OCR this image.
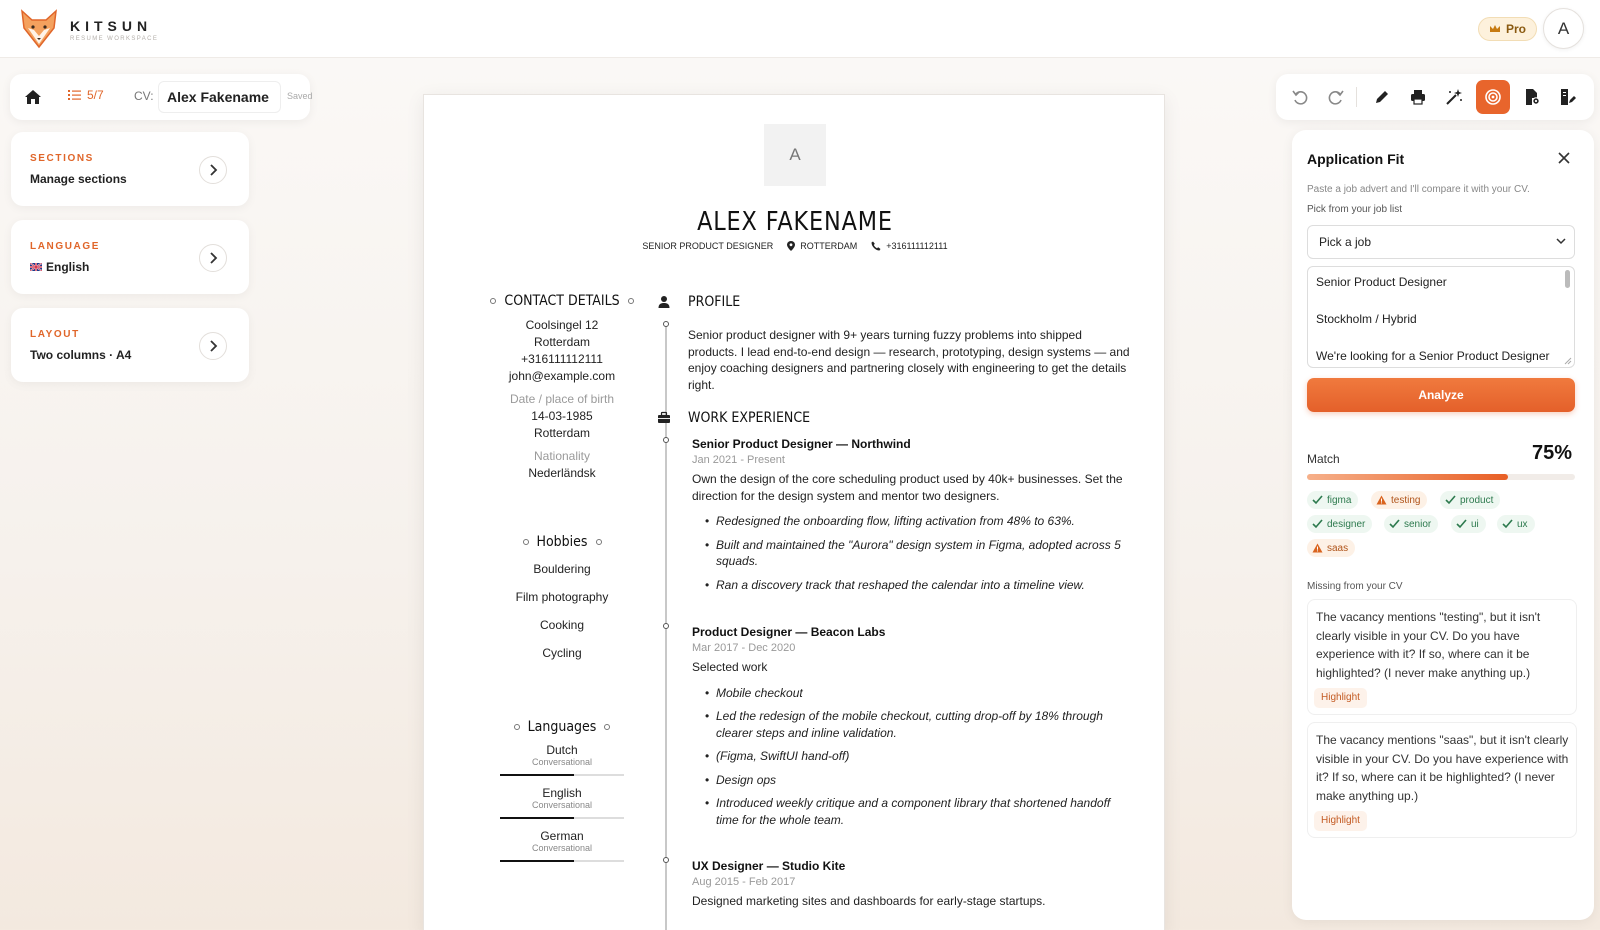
KITSUN
RESUME WORKSPACE
Pro	A
5/7	CV: Alex Fakename	Saved
SECTIONS
Manage sections
LANGUAGE
English
LAYOUT
Two columns · A4
A
ALEX FAKENAME
SENIOR PRODUCT DESIGNER	ROTTERDAM	+316111112111
CONTACT DETAILS
Coolsingel 12
Rotterdam
+316111112111
john@example.com
Date / place of birth
14-03-1985
Rotterdam
Nationality
Nederländsk
Hobbies
Bouldering
Film photography
Cooking
Cycling
Languages
Dutch
Conversational
English
Conversational
German
Conversational
PROFILE
Senior product designer with 9+ years turning fuzzy problems into shipped products. I lead end-to-end design — research, prototyping, design systems — and enjoy coaching designers and partnering closely with engineering to get the details right.
WORK EXPERIENCE
Senior Product Designer — Northwind
Jan 2021 - Present
Own the design of the core scheduling product used by 40k+ businesses. Set the direction for the design system and mentor two designers.
• Redesigned the onboarding flow, lifting activation from 48% to 63%.
• Built and maintained the "Aurora" design system in Figma, adopted across 5 squads.
• Ran a discovery track that reshaped the calendar into a timeline view.
Product Designer — Beacon Labs
Mar 2017 - Dec 2020
Selected work
• Mobile checkout
• Led the redesign of the mobile checkout, cutting drop-off by 18% through clearer steps and inline validation.
• (Figma, SwiftUI hand-off)
• Design ops
• Introduced weekly critique and a component library that shortened handoff time for the whole team.
UX Designer — Studio Kite
Aug 2015 - Feb 2017
Designed marketing sites and dashboards for early-stage startups.
Application Fit
Paste a job advert and I'll compare it with your CV.
Pick from your job list
Pick a job
Senior Product Designer
Stockholm / Hybrid
We're looking for a Senior Product Designer
Analyze
Match	75%
figma	testing	product
designer	senior	ui	ux
saas
Missing from your CV
The vacancy mentions "testing", but it isn't clearly visible in your CV. Do you have experience with it? If so, where can it be highlighted? (I never make anything up.)
Highlight
The vacancy mentions "saas", but it isn't clearly visible in your CV. Do you have experience with it? If so, where can it be highlighted? (I never make anything up.)
Highlight
